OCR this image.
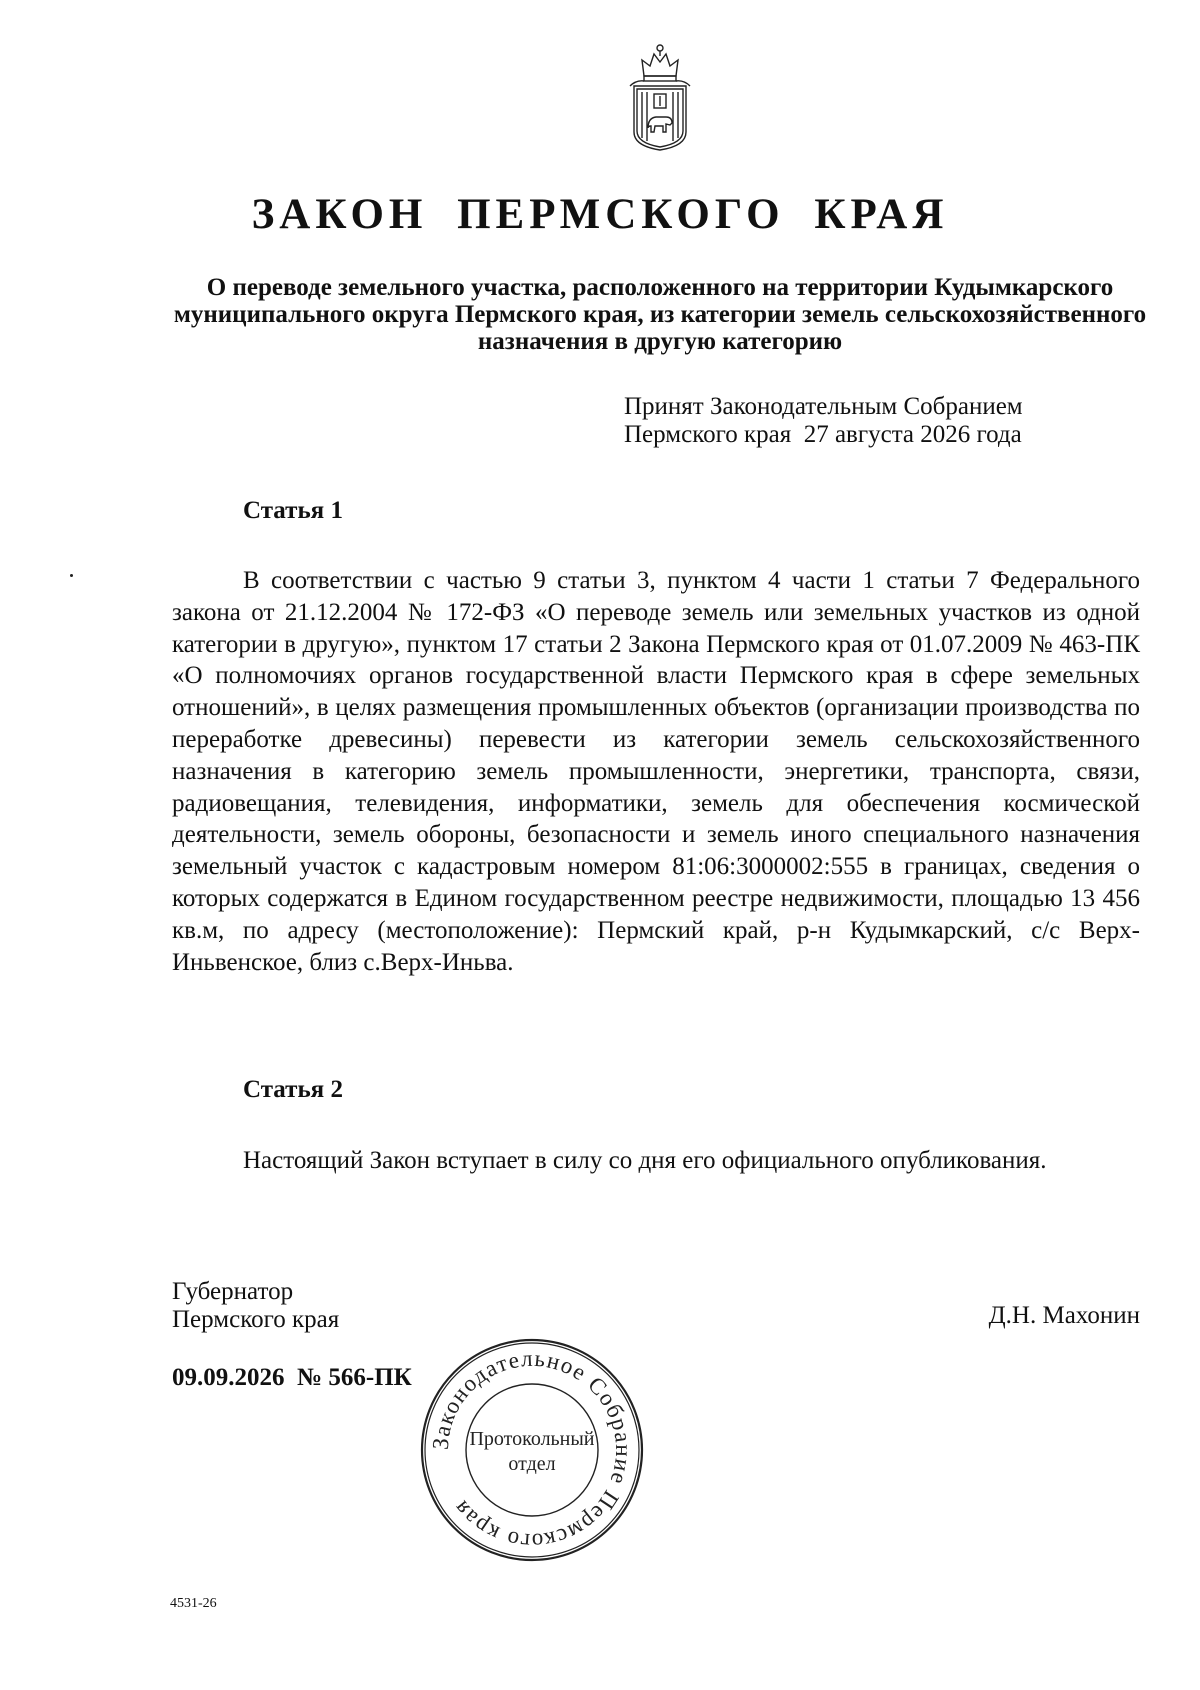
ЗАКОН ПЕРМСКОГО КРАЯ
О переводе земельного участка, расположенного на территории Кудымкарского муниципального округа Пермского края, из категории земель сельскохозяйственного назначения в другую категорию
Принят Законодательным Собранием
Пермского края  27 августа 2026 года
Статья 1

В соответствии с частью 9 статьи 3, пунктом 4 части 1 статьи 7 Федерального закона от 21.12.2004 № 172-ФЗ «О переводе земель или земельных участков из одной категории в другую», пунктом 17 статьи 2 Закона Пермского края от 01.07.2009 № 463-ПК «О полномочиях органов государственной власти Пермского края в сфере земельных отношений», в целях размещения промышленных объектов (организации производства по переработке древесины) перевести из категории земель сельскохозяйственного назначения в категорию земель промышленности, энергетики, транспорта, связи, радиовещания, телевидения, информатики, земель для обеспечения космической деятельности, земель обороны, безопасности и земель иного специального назначения земельный участок с кадастровым номером 81:06:3000002:555 в границах, сведения о которых содержатся в Едином государственном реестре недвижимости, площадью 13 456 кв.м, по адресу (местоположение): Пермский край, р-н Кудымкарский, с/с Верх-Иньвенское, близ с.Верх-Иньва.

Статья 2

Настоящий Закон вступает в силу со дня его официального опубликования.

Губернатор
Пермского края	Д.Н. Махонин
09.09.2026  № 566-ПК
Законодательное Собрание Пермского края
Протокольный
отдел
4531-26
